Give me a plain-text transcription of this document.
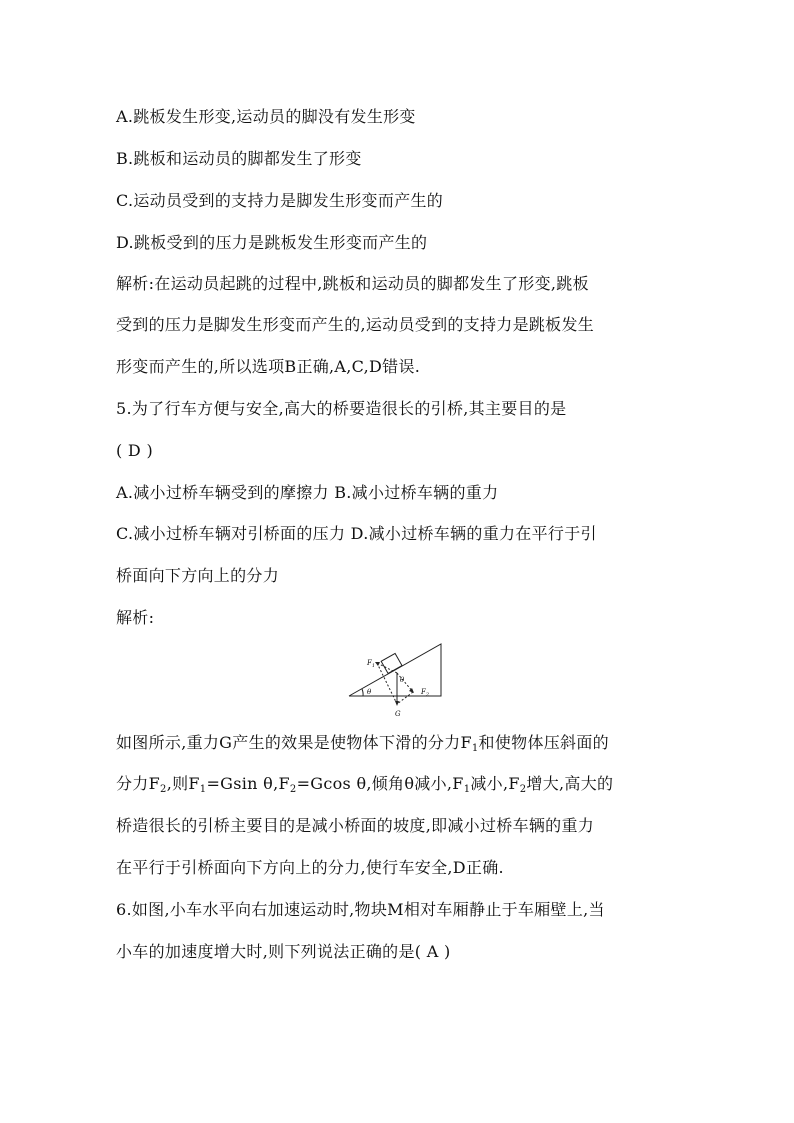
A.跳板发生形变,运动员的脚没有发生形变
B.跳板和运动员的脚都发生了形变
C.运动员受到的支持力是脚发生形变而产生的
D.跳板受到的压力是跳板发生形变而产生的
解析:在运动员起跳的过程中,跳板和运动员的脚都发生了形变,跳板
受到的压力是脚发生形变而产生的,运动员受到的支持力是跳板发生
形变而产生的,所以选项B正确,A,C,D错误.
5.为了行车方便与安全,高大的桥要造很长的引桥,其主要目的是
( D )
A.减小过桥车辆受到的摩擦力 B.减小过桥车辆的重力
C.减小过桥车辆对引桥面的压力 D.减小过桥车辆的重力在平行于引
桥面向下方向上的分力
解析:
$F_1$
$F_2$
θ
θ
G
如图所示,重力G产生的效果是使物体下滑的分力$F_1$和使物体压斜面的
分力$F_2$,则$F_1=Gsin$ $\theta,F_2=Gcos$ θ,倾角θ减小$,F_1$减小$,F_2$增大,高大的
桥造很长的引桥主要目的是减小桥面的坡度,即减小过桥车辆的重力
在平行于引桥面向下方向上的分力,使行车安全,D正确.
6.如图,小车水平向右加速运动时,物块M相对车厢静止于车厢壁上,当
小车的加速度增大时,则下列说法正确的是( A )
